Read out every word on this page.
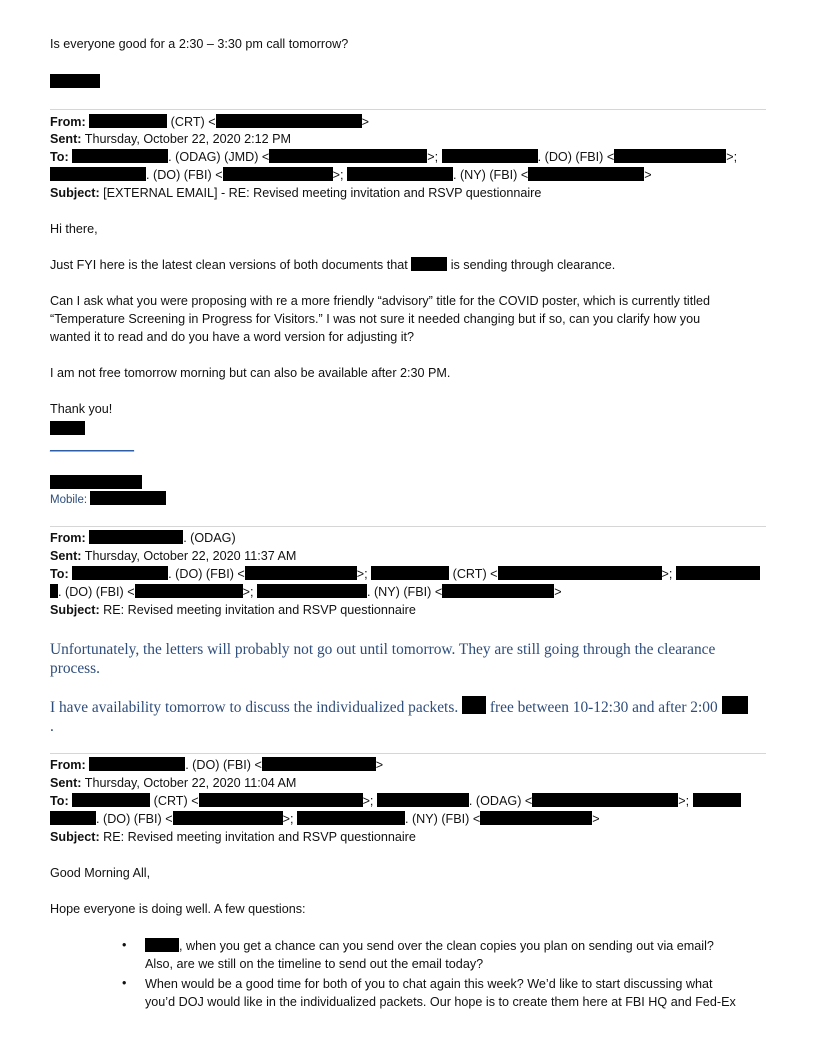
Is everyone good for a 2:30 – 3:30 pm call tomorrow?
From:	(CRT) <	>
Sent: Thursday, October 22, 2020 2:12 PM
To:	. (ODAG) (JMD) <	>;	. (DO) (FBI) <	>;
. (DO) (FBI) <	>;	. (NY) (FBI) <	>
Subject: [EXTERNAL EMAIL] - RE: Revised meeting invitation and RSVP questionnaire
Hi there,
Just FYI here is the latest clean versions of both documents that	is sending through clearance.
Can I ask what you were proposing with re a more friendly “advisory” title for the COVID poster, which is currently titled
“Temperature Screening in Progress for Visitors.” I was not sure it needed changing but if so, can you clarify how you
wanted it to read and do you have a word version for adjusting it?
I am not free tomorrow morning but can also be available after 2:30 PM.
Thank you!
____________
Mobile:
From:	. (ODAG)
Sent: Thursday, October 22, 2020 11:37 AM
To:	. (DO) (FBI) <	>;	(CRT) <	>;
. (DO) (FBI) <	>;	. (NY) (FBI) <	>
Subject: RE: Revised meeting invitation and RSVP questionnaire
Unfortunately, the letters will probably not go out until tomorrow. They are still going through the clearance process.
I have availability tomorrow to discuss the individualized packets.  free between 10-12:30 and after 2:00 .
From:	. (DO) (FBI) <	>
Sent: Thursday, October 22, 2020 11:04 AM
To:	(CRT) <	>;	. (ODAG) <	>;
. (DO) (FBI) <	>;	. (NY) (FBI) <	>
Subject: RE: Revised meeting invitation and RSVP questionnaire
Good Morning All,
Hope everyone is doing well. A few questions:
•	, when you get a chance can you send over the clean copies you plan on sending out via email?
Also, are we still on the timeline to send out the email today?
• When would be a good time for both of you to chat again this week? We’d like to start discussing what
you’d DOJ would like in the individualized packets. Our hope is to create them here at FBI HQ and Fed-Ex
